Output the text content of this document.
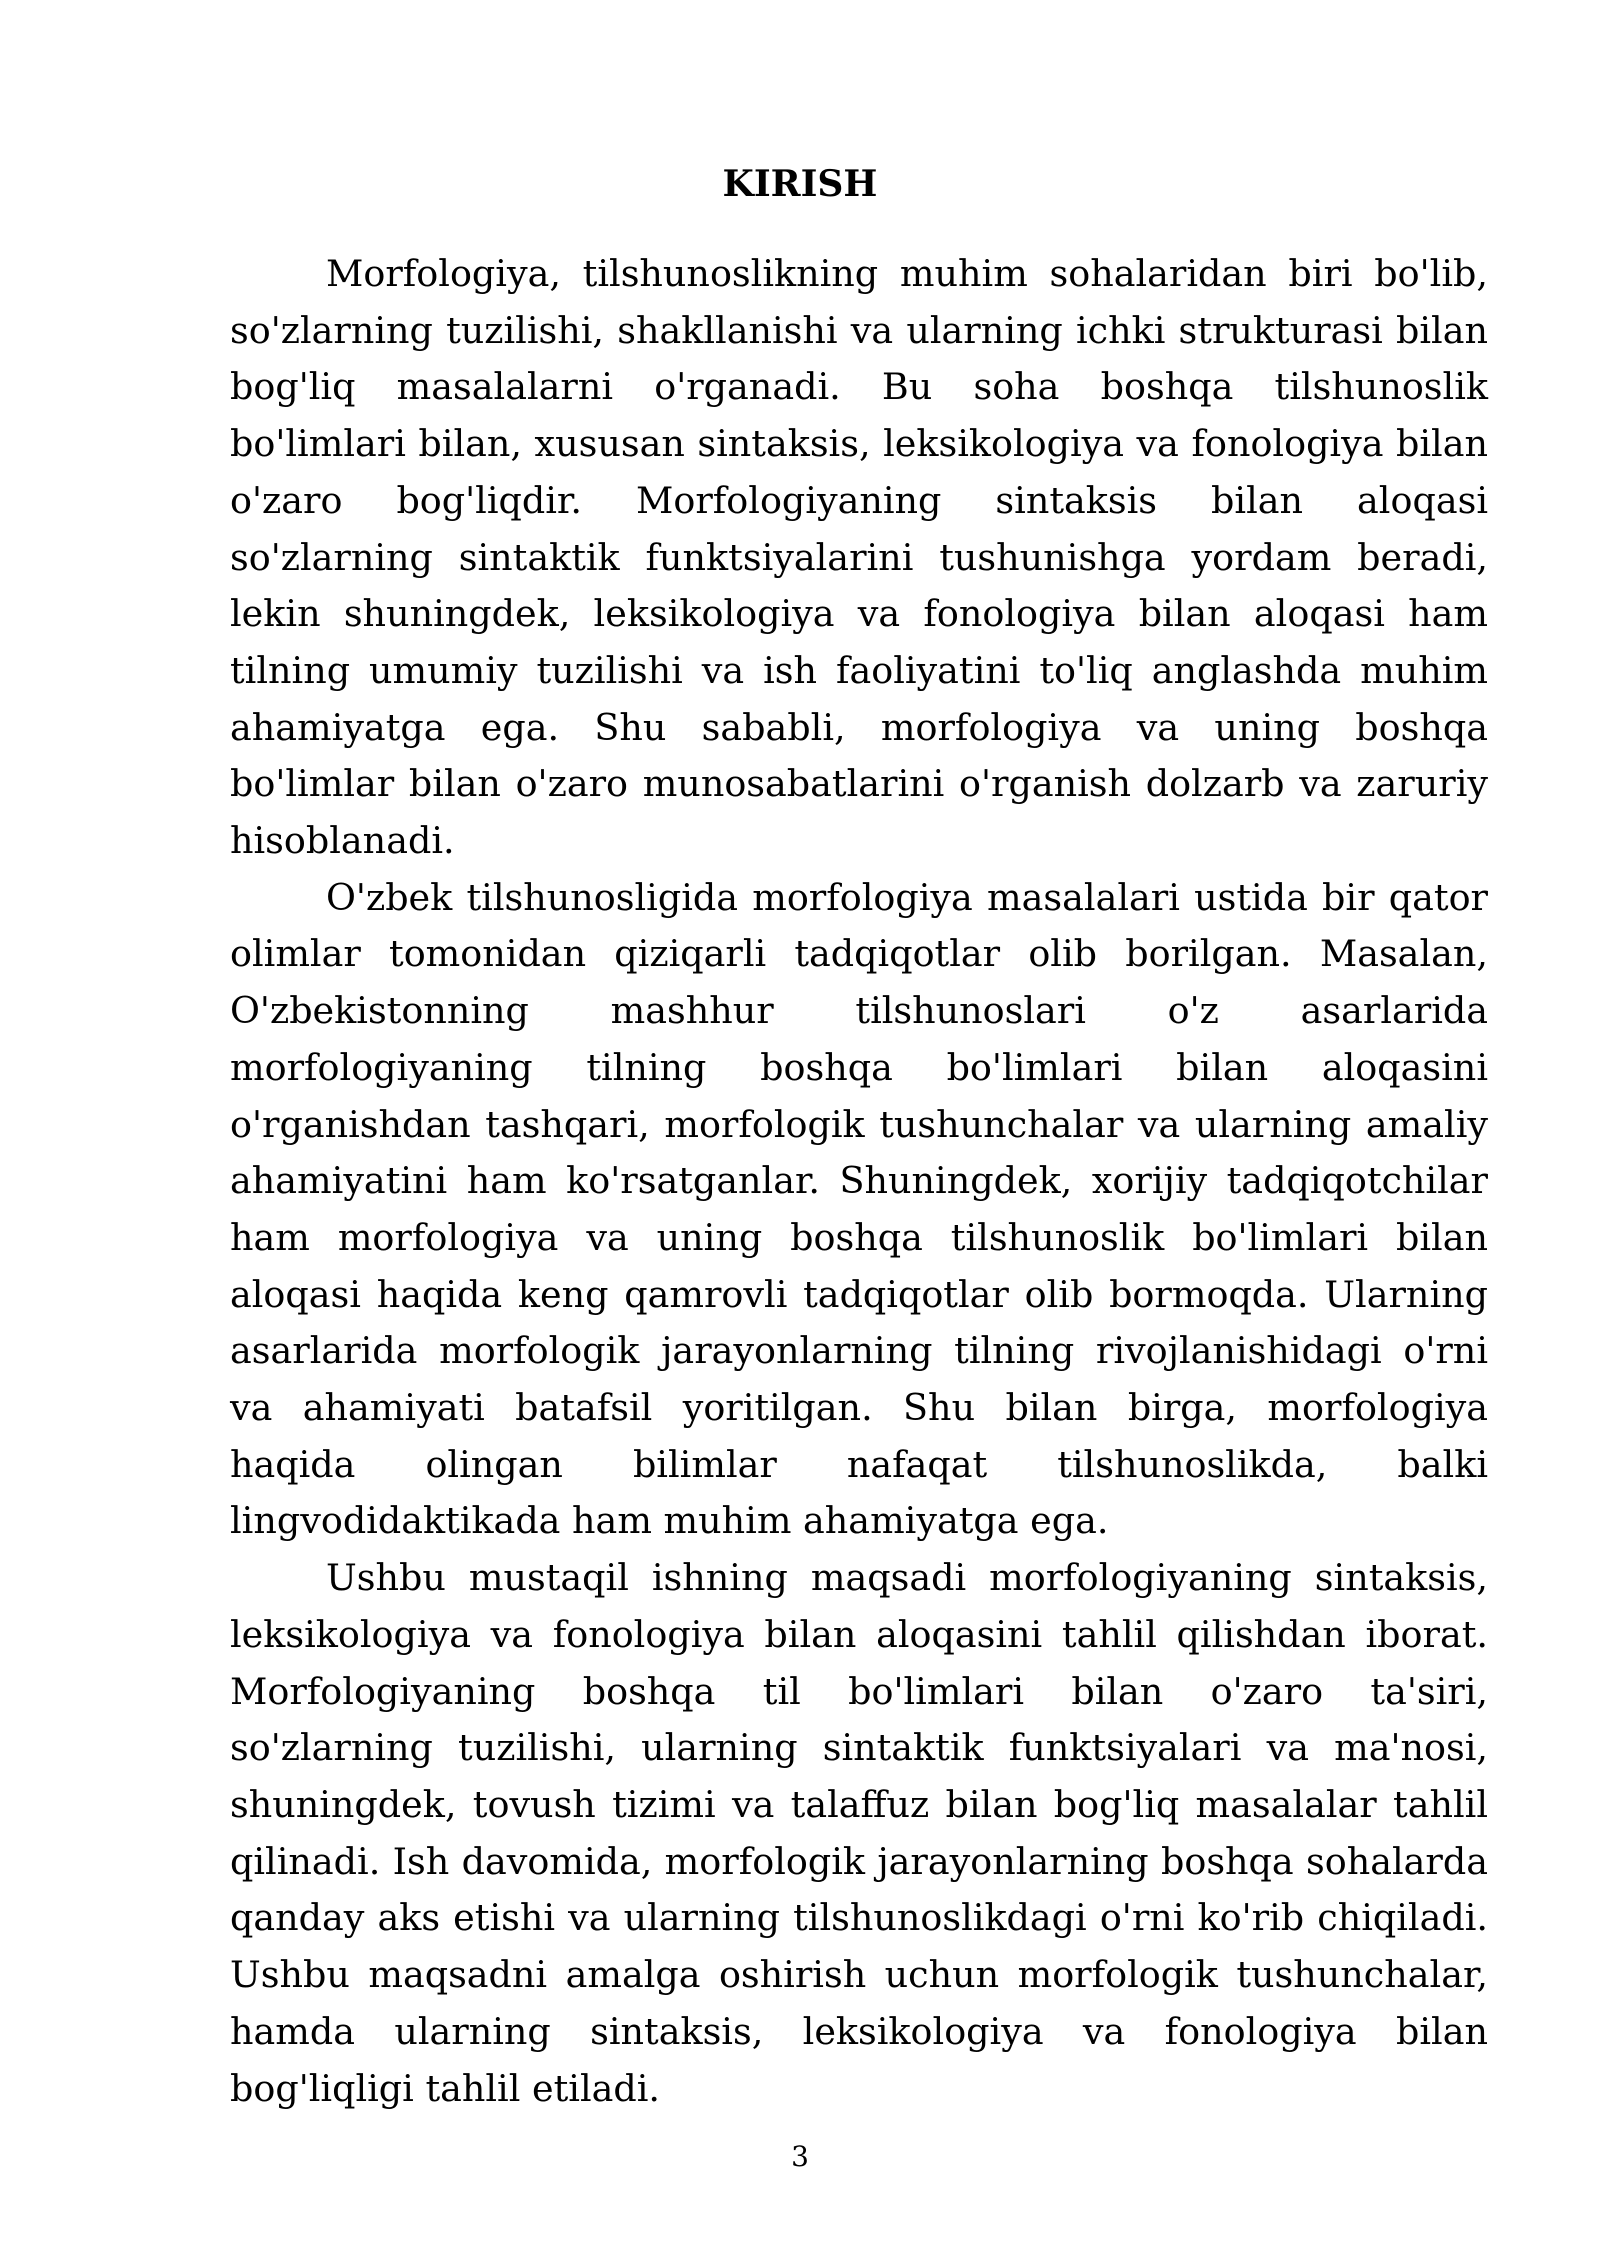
KIRISH

Morfologiya, tilshunoslikning muhim sohalaridan biri bo'lib, so'zlarning tuzilishi, shakllanishi va ularning ichki strukturasi bilan bog'liq masalalarni o'rganadi. Bu soha boshqa tilshunoslik bo'limlari bilan, xususan sintaksis, leksikologiya va fonologiya bilan o'zaro bog'liqdir. Morfologiyaning sintaksis bilan aloqasi so'zlarning sintaktik funktsiyalarini tushunishga yordam beradi, lekin shuningdek, leksikologiya va fonologiya bilan aloqasi ham tilning umumiy tuzilishi va ish faoliyatini to'liq anglashda muhim ahamiyatga ega. Shu sababli, morfologiya va uning boshqa bo'limlar bilan o'zaro munosabatlarini o'rganish dolzarb va zaruriy hisoblanadi.

O'zbek tilshunosligida morfologiya masalalari ustida bir qator olimlar tomonidan qiziqarli tadqiqotlar olib borilgan. Masalan, O'zbekistonning mashhur tilshunoslari o'z asarlarida morfologiyaning tilning boshqa bo'limlari bilan aloqasini o'rganishdan tashqari, morfologik tushunchalar va ularning amaliy ahamiyatini ham ko'rsatganlar. Shuningdek, xorijiy tadqiqotchilar ham morfologiya va uning boshqa tilshunoslik bo'limlari bilan aloqasi haqida keng qamrovli tadqiqotlar olib bormoqda. Ularning asarlarida morfologik jarayonlarning tilning rivojlanishidagi o'rni va ahamiyati batafsil yoritilgan. Shu bilan birga, morfologiya haqida olingan bilimlar nafaqat tilshunoslikda, balki lingvodidaktikada ham muhim ahamiyatga ega.

Ushbu mustaqil ishning maqsadi morfologiyaning sintaksis, leksikologiya va fonologiya bilan aloqasini tahlil qilishdan iborat. Morfologiyaning boshqa til bo'limlari bilan o'zaro ta'siri, so'zlarning tuzilishi, ularning sintaktik funktsiyalari va ma'nosi, shuningdek, tovush tizimi va talaffuz bilan bog'liq masalalar tahlil qilinadi. Ish davomida, morfologik jarayonlarning boshqa sohalarda qanday aks etishi va ularning tilshunoslikdagi o'rni ko'rib chiqiladi. Ushbu maqsadni amalga oshirish uchun morfologik tushunchalar, hamda ularning sintaksis, leksikologiya va fonologiya bilan bog'liqligi tahlil etiladi.

3
